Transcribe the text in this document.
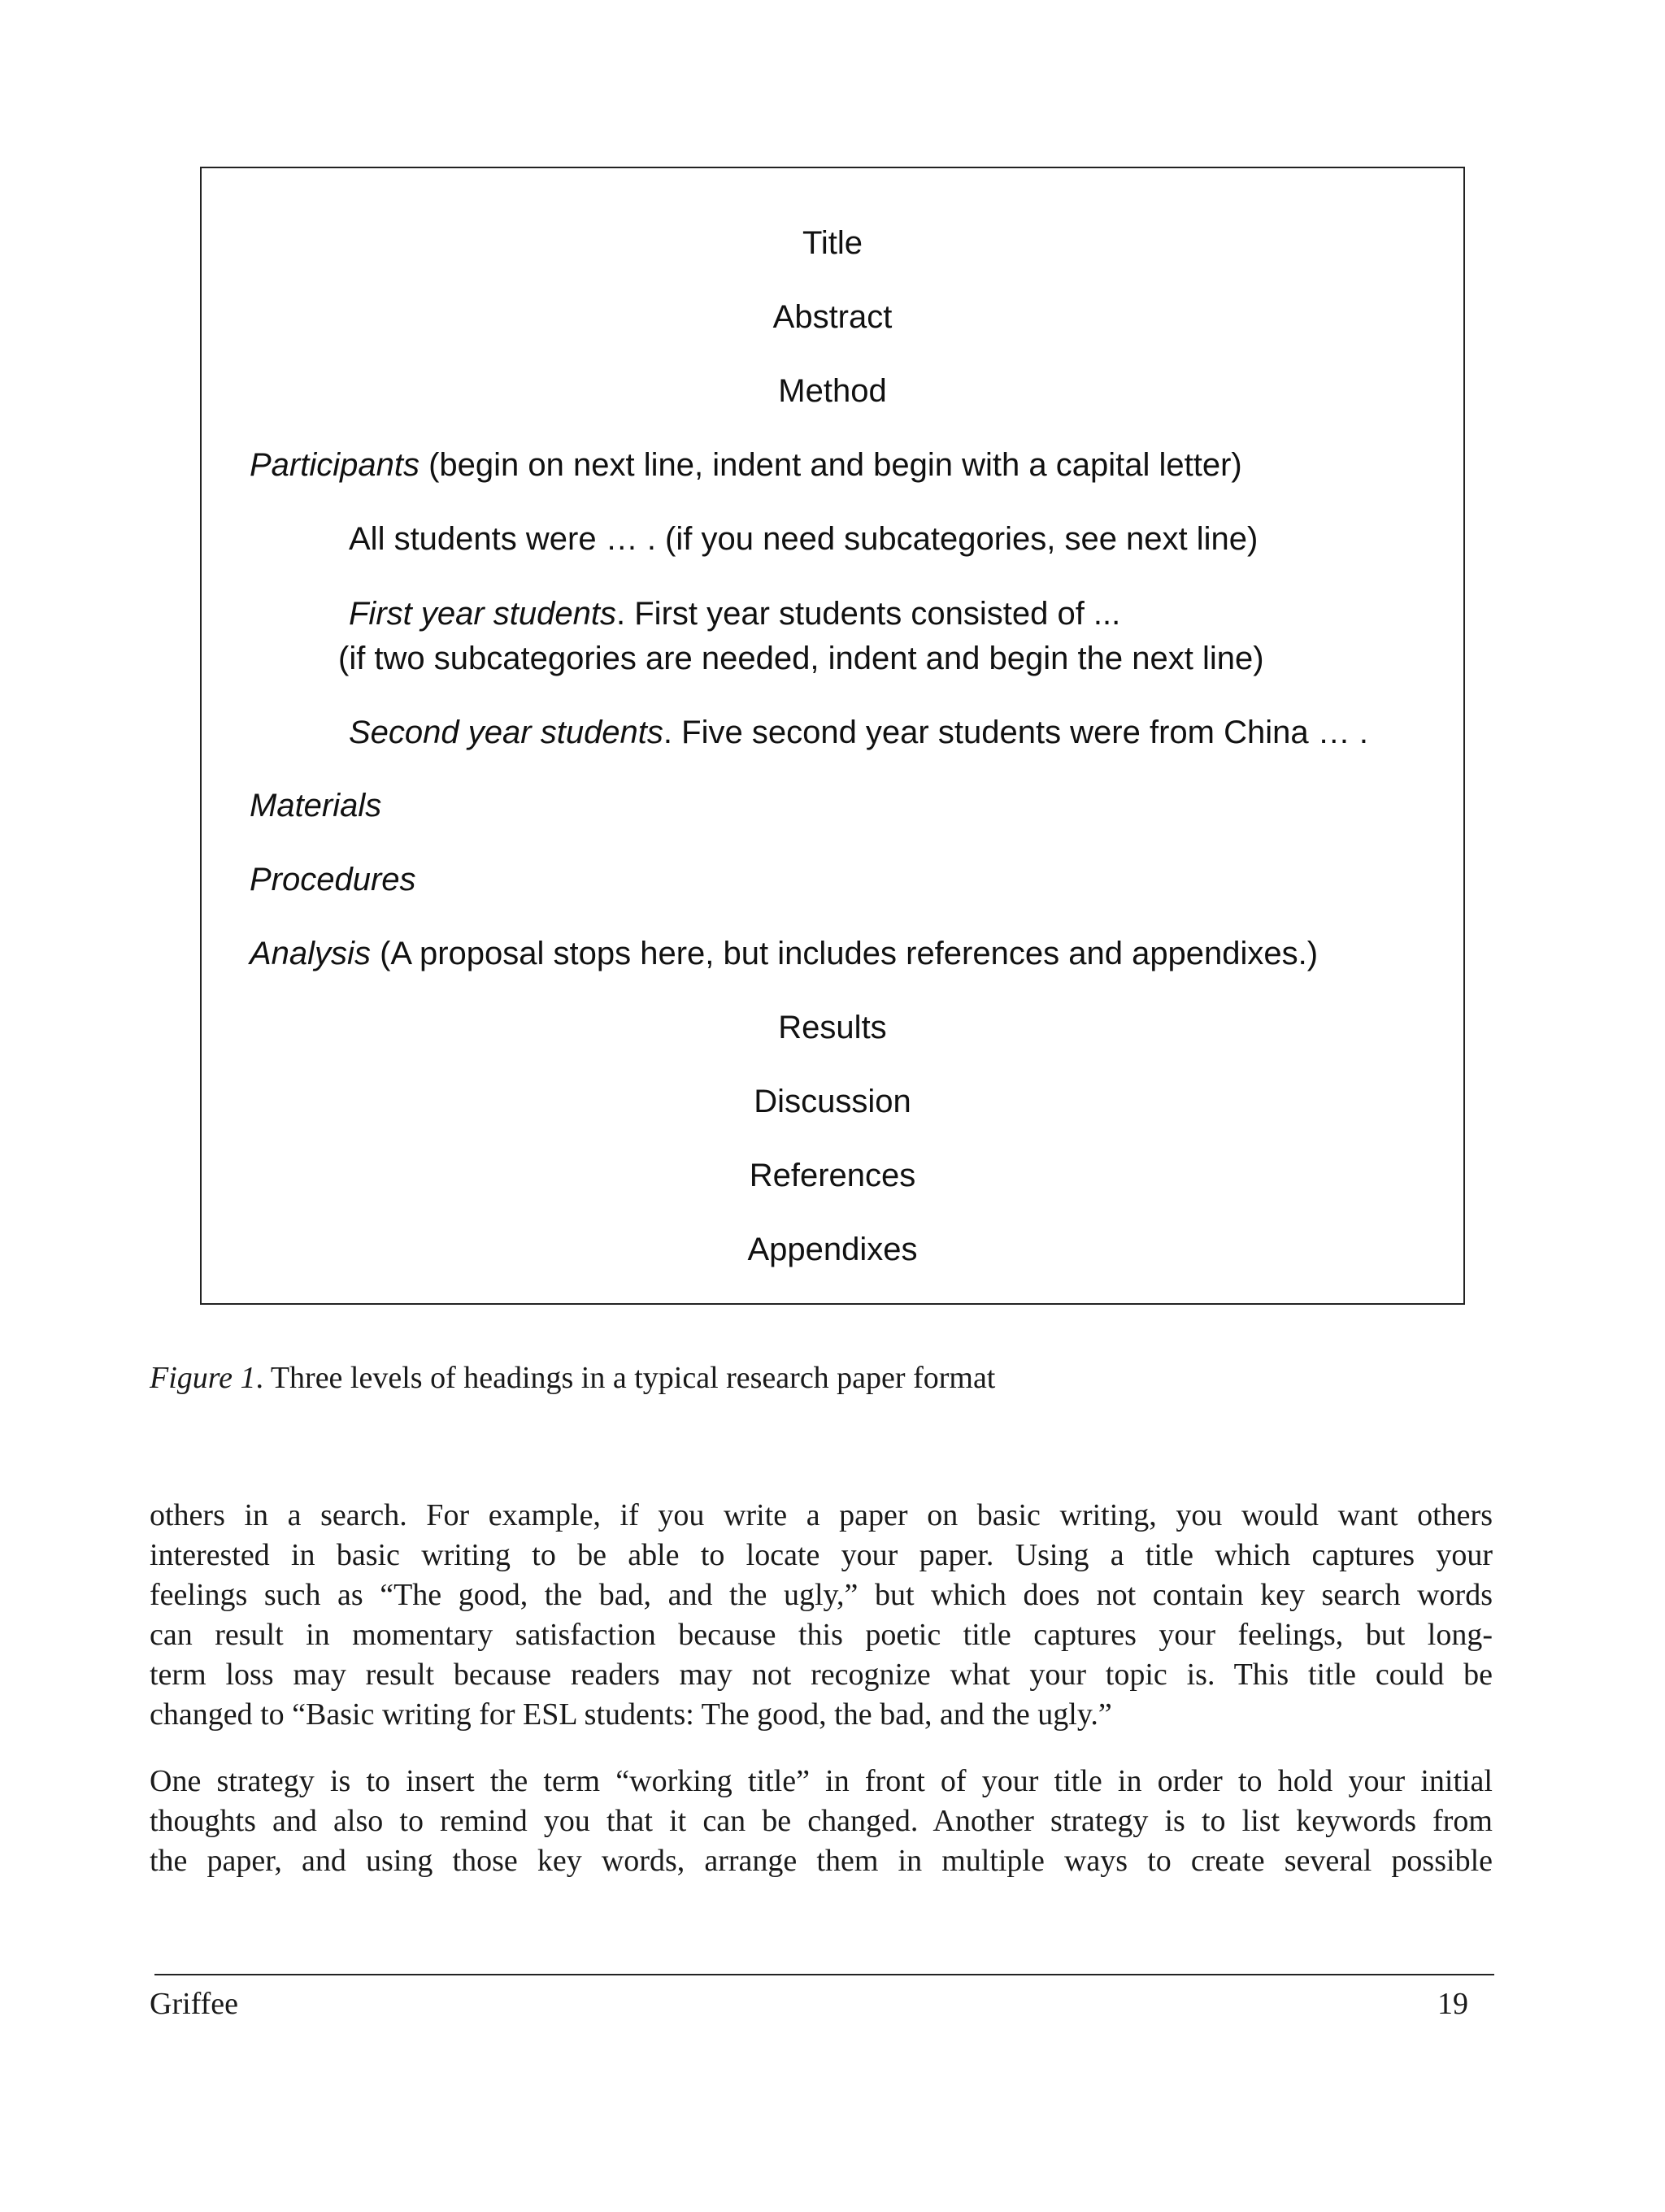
Title
Abstract
Method
Participants (begin on next line, indent and begin with a capital letter)
All students were … . (if you need subcategories, see next line)
First year students. First year students consisted of ...
(if two subcategories are needed, indent and begin the next line)
Second year students. Five second year students were from China … .
Materials
Procedures
Analysis (A proposal stops here, but includes references and appendixes.)
Results
Discussion
References
Appendixes
Figure 1. Three levels of headings in a typical research paper format
others in a search. For example, if you write a paper on basic writing, you would want others
interested in basic writing to be able to locate your paper. Using a title which captures your
feelings such as “The good, the bad, and the ugly,” but which does not contain key search words
can result in momentary satisfaction because this poetic title captures your feelings, but long-
term loss may result because readers may not recognize what your topic is. This title could be
changed to “Basic writing for ESL students: The good, the bad, and the ugly.”
One strategy is to insert the term “working title” in front of your title in order to hold your initial
thoughts and also to remind you that it can be changed. Another strategy is to list keywords from
the paper, and using those key words, arrange them in multiple ways to create several possible
Griffee	19
